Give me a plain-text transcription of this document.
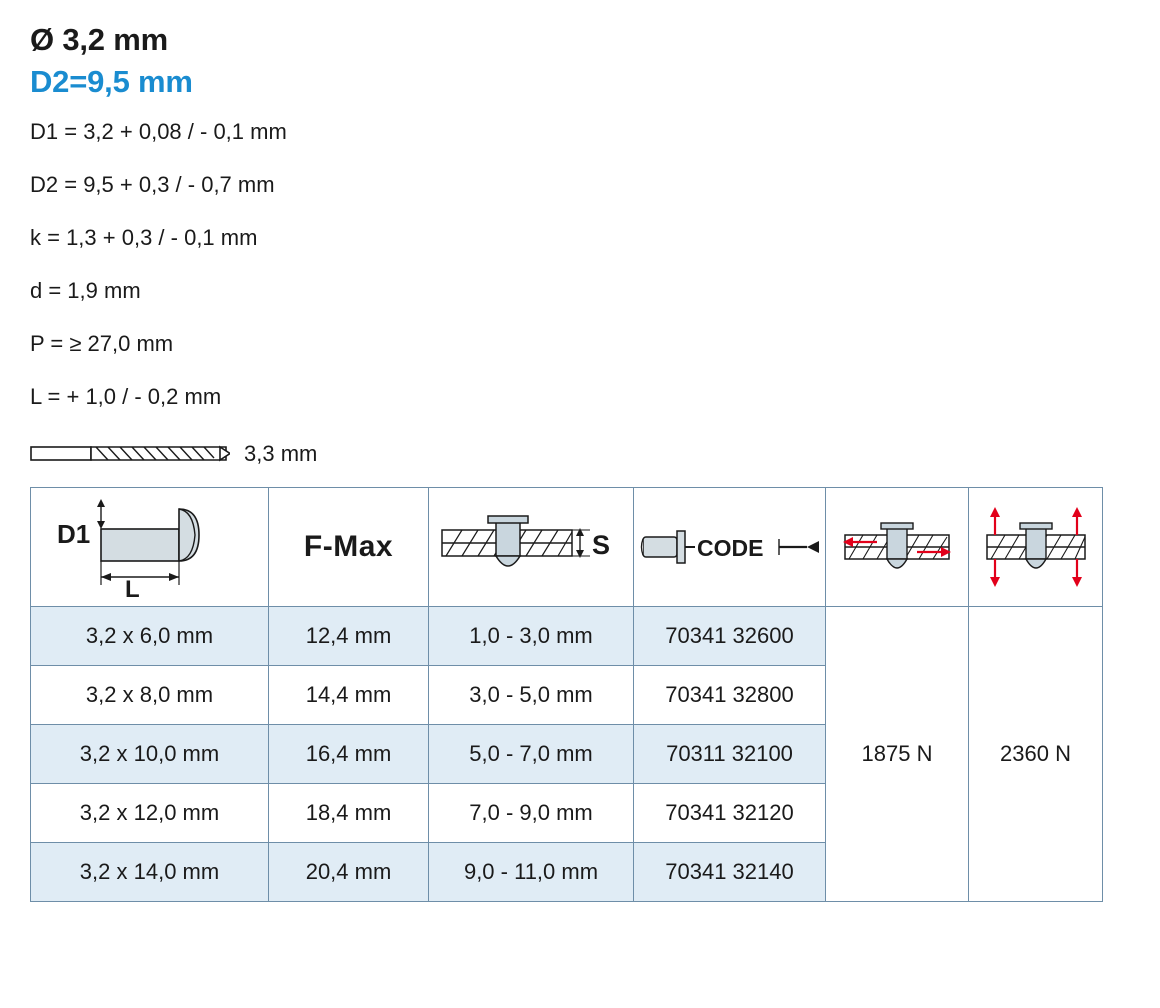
Ø 3,2 mm
D2=9,5 mm
D1 = 3,2 + 0,08 / - 0,1 mm
D2 = 9,5 + 0,3 / - 0,7 mm
k = 1,3 + 0,3 / - 0,1 mm
d = 1,9 mm
P = ≥ 27,0 mm
L = + 1,0 / - 0,2 mm
3,3 mm
D1
L	F-Max	S	CODE

3,2 x 6,0 mm	12,4 mm	1,0 - 3,0 mm	70341 32600	1875 N	2360 N
3,2 x 8,0 mm	14,4 mm	3,0 - 5,0 mm	70341 32800		
3,2 x 10,0 mm	16,4 mm	5,0 - 7,0 mm	70311 32100		
3,2 x 12,0 mm	18,4 mm	7,0 - 9,0 mm	70341 32120		
3,2 x 14,0 mm	20,4 mm	9,0 - 11,0 mm	70341 32140		
